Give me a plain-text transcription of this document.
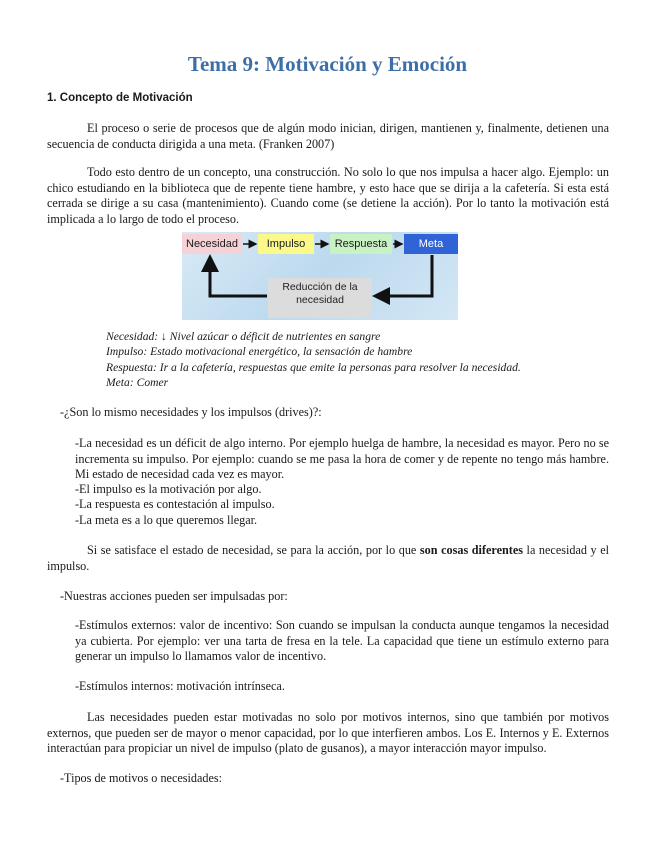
Tema 9: Motivación y Emoción
1. Concepto de Motivación

El proceso o serie de procesos que de algún modo inician, dirigen, mantienen y, finalmente, detienen una secuencia de conducta dirigida a una meta. (Franken 2007)

Todo esto dentro de un concepto, una construcción. No solo lo que nos impulsa a hacer algo. Ejemplo: un chico estudiando en la biblioteca que de repente tiene hambre, y esto hace que se dirija a la cafetería. Si esta está cerrada se dirige a su casa (mantenimiento). Cuando come (se detiene la acción). Por lo tanto la motivación está implicada a lo largo de todo el proceso.

Necesidad	Impulso	Respuesta	Meta
Reducción de la
necesidad
Necesidad: ↓ Nivel azúcar o déficit de nutrientes en sangre
Impulso: Estado motivacional energético, la sensación de hambre
Respuesta: Ir a la cafetería, respuestas que emite la personas para resolver la necesidad.
Meta: Comer

-¿Son lo mismo necesidades y los impulsos (drives)?:

-La necesidad es un déficit de algo interno. Por ejemplo huelga de hambre, la necesidad es mayor. Pero no se incrementa su impulso. Por ejemplo: cuando se me pasa la hora de comer y de repente no tengo más hambre. Mi estado de necesidad cada vez es mayor.

-El impulso es la motivación por algo.

-La respuesta es contestación al impulso.

-La meta es a lo que queremos llegar.

Si se satisface el estado de necesidad, se para la acción, por lo que son cosas diferentes la necesidad y el impulso.

-Nuestras acciones pueden ser impulsadas por:

-Estímulos externos: valor de incentivo: Son cuando se impulsan la conducta aunque tengamos la necesidad ya cubierta. Por ejemplo: ver una tarta de fresa en la tele. La capacidad que tiene un estímulo externo para generar un impulso lo llamamos valor de incentivo.

-Estímulos internos: motivación intrínseca.

Las necesidades pueden estar motivadas no solo por motivos internos, sino que también por motivos externos, que pueden ser de mayor o menor capacidad, por lo que interfieren ambos. Los E. Internos y E. Externos interactúan para propiciar un nivel de impulso (plato de gusanos), a mayor interacción mayor impulso.

-Tipos de motivos o necesidades:
